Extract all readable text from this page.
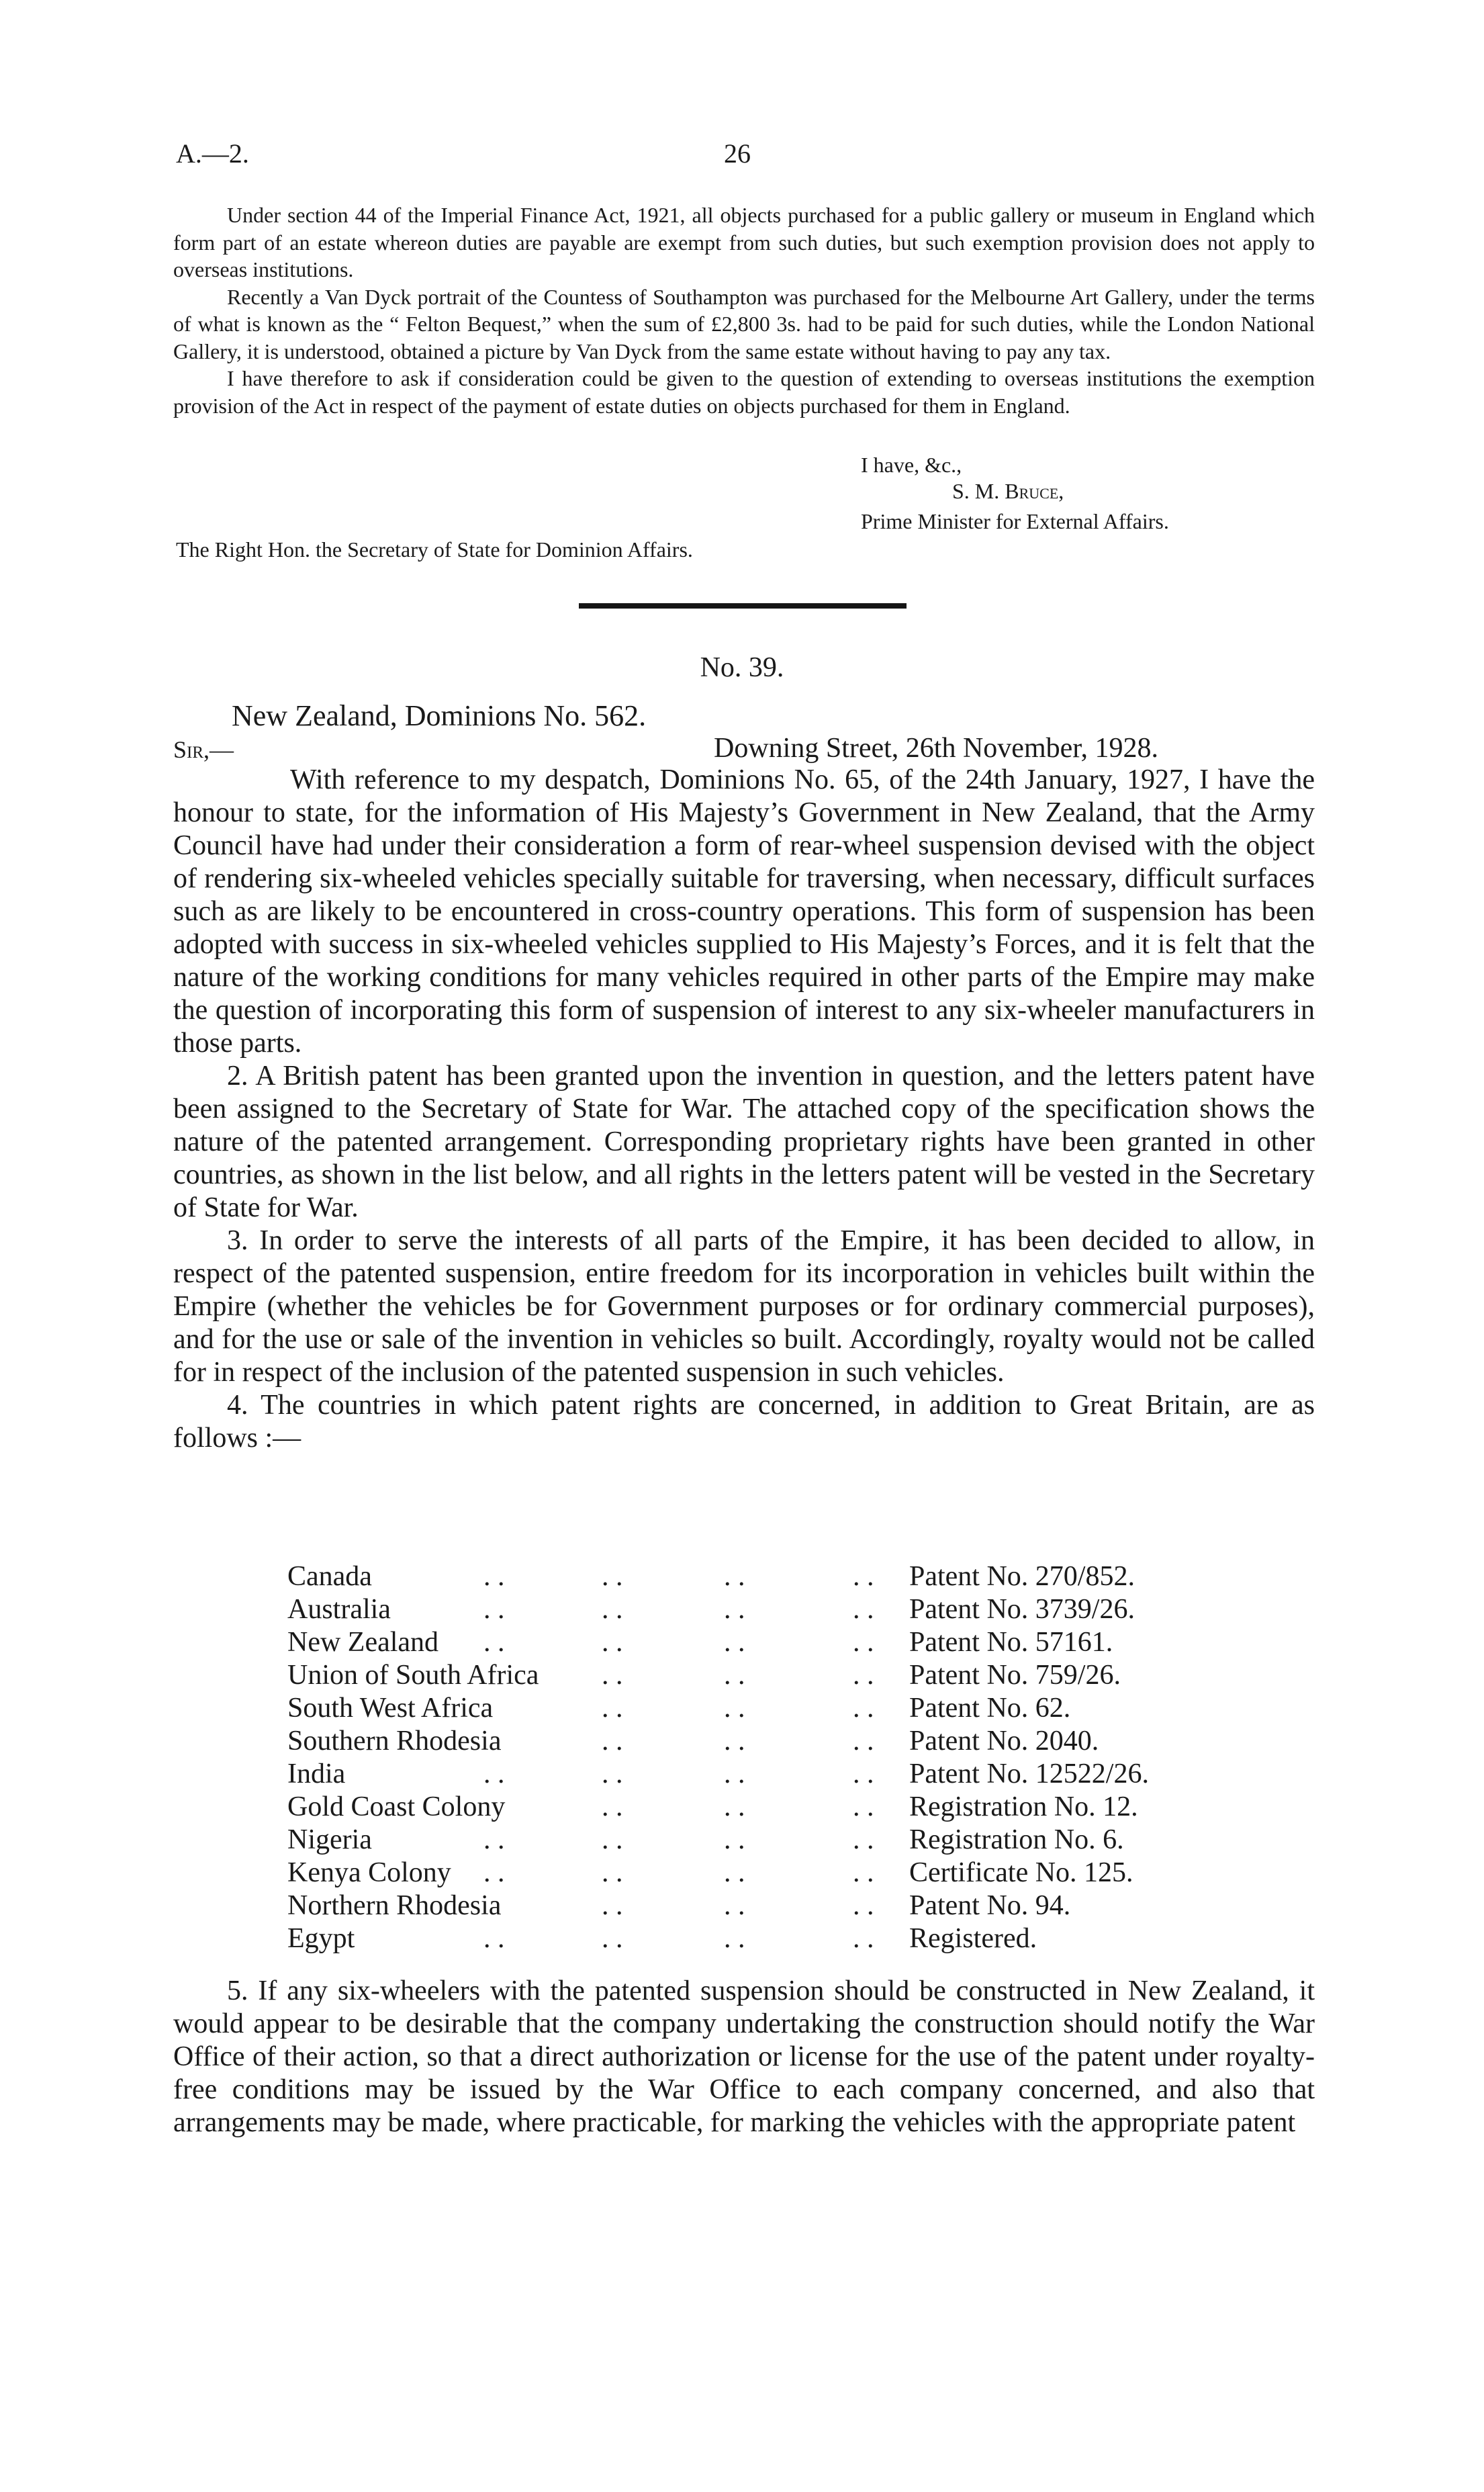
A.—2.	26

Under section 44 of the Imperial Finance Act, 1921, all objects purchased for a public gallery or museum in England which form part of an estate whereon duties are payable are exempt from such duties, but such exemption provision does not apply to overseas institutions.

Recently a Van Dyck portrait of the Countess of Southampton was purchased for the Melbourne Art Gallery, under the terms of what is known as the “ Felton Bequest,” when the sum of £2,800 3s. had to be paid for such duties, while the London National Gallery, it is understood, obtained a picture by Van Dyck from the same estate without having to pay any tax.

I have therefore to ask if consideration could be given to the question of extending to overseas institutions the exemption provision of the Act in respect of the payment of estate duties on objects purchased for them in England.

I have, &c.,
S. M. Bruce,
Prime Minister for External Affairs.
The Right Hon. the Secretary of State for Dominion Affairs.
No. 39.
New Zealand, Dominions No. 562.
Sir,—	Downing Street, 26th November, 1928.

With reference to my despatch, Dominions No. 65, of the 24th January, 1927, I have the honour to state, for the information of His Majesty’s Government in New Zealand, that the Army Council have had under their consideration a form of rear-wheel suspension devised with the object of rendering six-wheeled vehicles specially suitable for traversing, when necessary, difficult surfaces such as are likely to be encountered in cross-country operations. This form of suspension has been adopted with success in six-wheeled vehicles supplied to His Majesty’s Forces, and it is felt that the nature of the working conditions for many vehicles required in other parts of the Empire may make the question of incorporating this form of suspension of interest to any six-wheeler manufacturers in those parts.

2. A British patent has been granted upon the invention in question, and the letters patent have been assigned to the Secretary of State for War. The attached copy of the specification shows the nature of the patented arrangement. Corresponding proprietary rights have been granted in other countries, as shown in the list below, and all rights in the letters patent will be vested in the Secretary of State for War.

3. In order to serve the interests of all parts of the Empire, it has been decided to allow, in respect of the patented suspension, entire freedom for its incorporation in vehicles built within the Empire (whether the vehicles be for Government purposes or for ordinary commercial purposes), and for the use or sale of the invention in vehicles so built. Accordingly, royalty would not be called for in respect of the inclusion of the patented suspension in such vehicles.

4. The countries in which patent rights are concerned, in addition to Great Britain, are as follows :—

. .	. .	. .	. .
Canada	Patent No. 270/852.
. .	. .	. .	. .
Australia	Patent No. 3739/26.
. .	. .	. .	. .
New Zealand	Patent No. 57161.
. .	. .	. .
Union of South Africa	Patent No. 759/26.
. .	. .	. .
South West Africa	Patent No. 62.
. .	. .	. .
Southern Rhodesia	Patent No. 2040.
. .	. .	. .	. .
India	Patent No. 12522/26.
. .	. .	. .
Gold Coast Colony	Registration No. 12.
. .	. .	. .	. .
Nigeria	Registration No. 6.
. .	. .	. .	. .
Kenya Colony	Certificate No. 125.
. .	. .	. .
Northern Rhodesia	Patent No. 94.
. .	. .	. .	. .
Egypt	Registered.

5. If any six-wheelers with the patented suspension should be constructed in New Zealand, it would appear to be desirable that the company undertaking the construction should notify the War Office of their action, so that a direct authorization or license for the use of the patent under royalty-free conditions may be issued by the War Office to each company concerned, and also that arrangements may be made, where practicable, for marking the vehicles with the appropriate patent
